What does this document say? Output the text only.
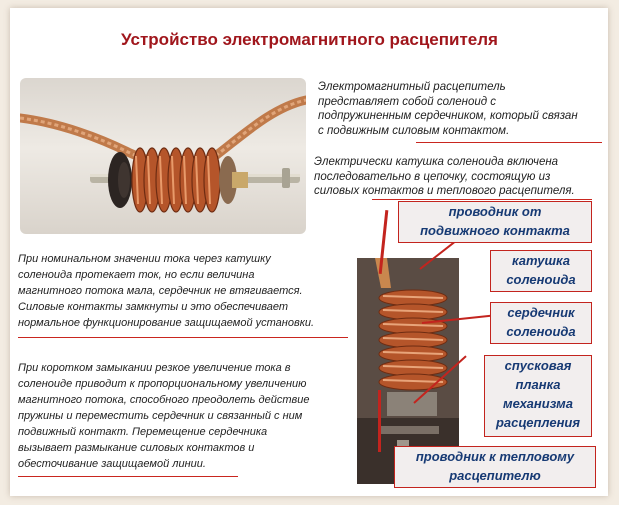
Устройство электромагнитного расцепителя

Электромагнитный расцепитель

представляет собой соленоид с

подпружиненным сердечником, который связан

с подвижным силовым контактом.

Электрически катушка соленоида включена

последовательно в цепочку, состоящую из

силовых контактов и теплового расцепителя.

При номинальном значении тока через катушку
соленоида протекает ток, но если величина
магнитного потока мала, сердечник не втягивается.
Силовые контакты замкнуты и это обеспечивает
нормальное функционирование защищаемой установки.
При коротком замыкании резкое увеличение тока в
соленоиде приводит к пропорциональному увеличению
магнитного потока, способного преодолеть действие
пружины и переместить сердечник и связанный с ним
подвижный контакт. Перемещение сердечника
вызывает размыкание силовых контактов и
обесточивание защищаемой линии.
проводник от
подвижного контакта
катушка
соленоида
сердечник
соленоида
спусковая
планка
механизма
расцепления
проводник к тепловому
расцепителю
